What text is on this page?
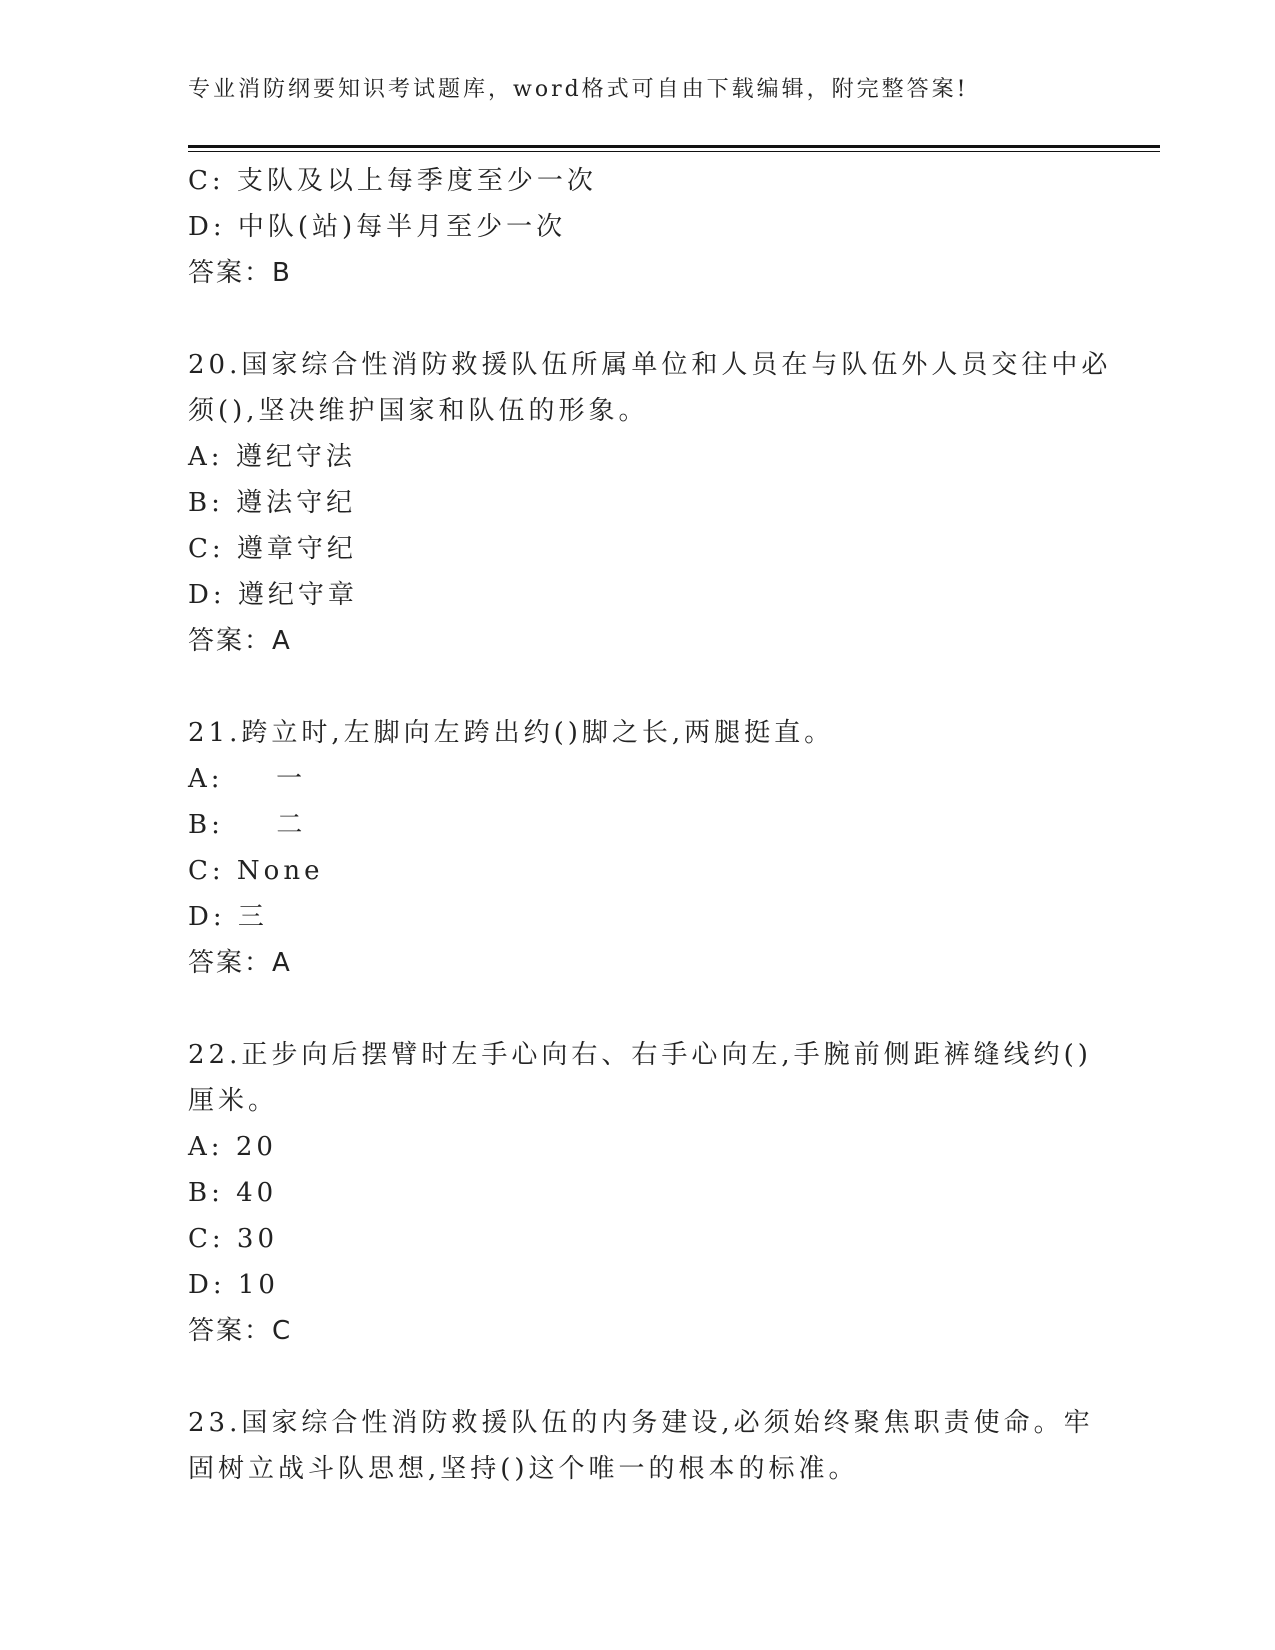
专业消防纲要知识考试题库，word格式可自由下载编辑，附完整答案!
C: 支队及以上每季度至少一次
D: 中队(站)每半月至少一次
答案：B
20.国家综合性消防救援队伍所属单位和人员在与队伍外人员交往中必
须(),坚决维护国家和队伍的形象。
A: 遵纪守法
B: 遵法守纪
C: 遵章守纪
D: 遵纪守章
答案：A
21.跨立时,左脚向左跨出约()脚之长,两腿挺直。
A: 一
B: 二
C: None
D: 三
答案：A
22.正步向后摆臂时左手心向右、右手心向左,手腕前侧距裤缝线约()
厘米。
A: 20
B: 40
C: 30
D: 10
答案：C
23.国家综合性消防救援队伍的内务建设,必须始终聚焦职责使命。牢
固树立战斗队思想,坚持()这个唯一的根本的标准。
